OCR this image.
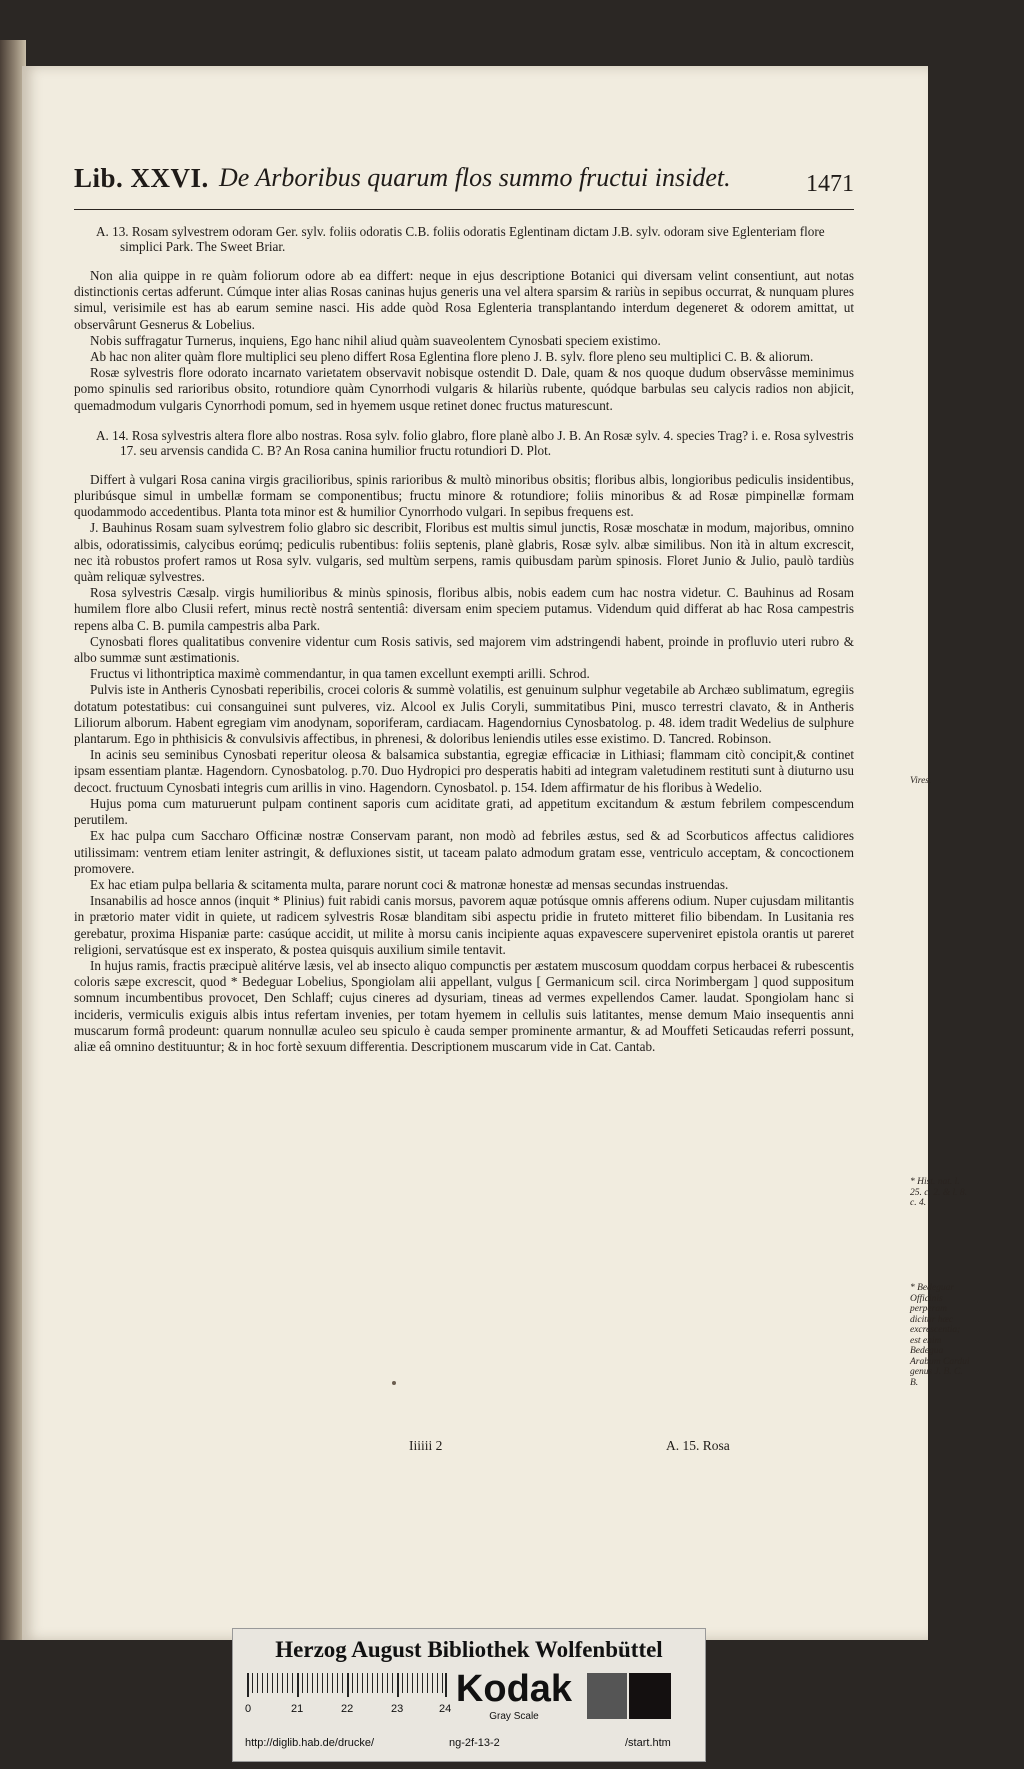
Lib. XXVI. De Arboribus quarum flos summo fructui insidet.	1471
A. 13. Rosam sylvestrem odoram Ger. sylv. foliis odoratis C.B. foliis odoratis Eglentinam dictam J.B. sylv. odoram sive Eglenteriam flore simplici Park. The Sweet Briar.

Non alia quippe in re quàm foliorum odore ab ea differt: neque in ejus descriptione Botanici qui diversam velint consentiunt, aut notas distinctionis certas adferunt. Cúmque inter alias Rosas caninas hujus generis una vel altera sparsim & rariùs in sepibus occurrat, & nunquam plures simul, verisimile est has ab earum semine nasci. His adde quòd Rosa Eglenteria transplantando interdum degeneret & odorem amittat, ut observârunt Gesnerus & Lobelius.

Nobis suffragatur Turnerus, inquiens, Ego hanc nihil aliud quàm suaveolentem Cynosbati speciem existimo.

Ab hac non aliter quàm flore multiplici seu pleno differt Rosa Eglentina flore pleno J. B. sylv. flore pleno seu multiplici C. B. & aliorum.

Rosæ sylvestris flore odorato incarnato varietatem observavit nobisque ostendit D. Dale, quam & nos quoque dudum observâsse meminimus pomo spinulis sed rarioribus obsito, rotundiore quàm Cynorrhodi vulgaris & hilariùs rubente, quódque barbulas seu calycis radios non abjicit, quemadmodum vulgaris Cynorrhodi pomum, sed in hyemem usque retinet donec fructus maturescunt.

A. 14. Rosa sylvestris altera flore albo nostras. Rosa sylv. folio glabro, flore planè albo J. B. An Rosæ sylv. 4. species Trag? i. e. Rosa sylvestris 17. seu arvensis candida C. B? An Rosa canina humilior fructu rotundiori D. Plot.

Differt à vulgari Rosa canina virgis gracilioribus, spinis rarioribus & multò minoribus obsitis; floribus albis, longioribus pediculis insidentibus, pluribúsque simul in umbellæ formam se componentibus; fructu minore & rotundiore; foliis minoribus & ad Rosæ pimpinellæ formam quodammodo accedentibus. Planta tota minor est & humilior Cynorrhodo vulgari. In sepibus frequens est.

J. Bauhinus Rosam suam sylvestrem folio glabro sic describit, Floribus est multis simul junctis, Rosæ moschatæ in modum, majoribus, omnino albis, odoratissimis, calycibus eorúmq; pediculis rubentibus: foliis septenis, planè glabris, Rosæ sylv. albæ similibus. Non ità in altum excrescit, nec ità robustos profert ramos ut Rosa sylv. vulgaris, sed multùm serpens, ramis quibusdam parùm spinosis. Floret Junio & Julio, paulò tardiùs quàm reliquæ sylvestres.

Rosa sylvestris Cæsalp. virgis humilioribus & minùs spinosis, floribus albis, nobis eadem cum hac nostra videtur. C. Bauhinus ad Rosam humilem flore albo Clusii refert, minus rectè nostrâ sententiâ: diversam enim speciem putamus. Videndum quid differat ab hac Rosa campestris repens alba C. B. pumila campestris alba Park.

Cynosbati flores qualitatibus convenire videntur cum Rosis sativis, sed majorem vim adstringendi habent, proinde in profluvio uteri rubro & albo summæ sunt æstimationis.

Fructus vi lithontriptica maximè commendantur, in qua tamen excellunt exempti arilli. Schrod.

Pulvis iste in Antheris Cynosbati reperibilis, crocei coloris & summè volatilis, est genuinum sulphur vegetabile ab Archæo sublimatum, egregiis dotatum potestatibus: cui consanguinei sunt pulveres, viz. Alcool ex Julis Coryli, summitatibus Pini, musco terrestri clavato, & in Antheris Liliorum alborum. Habent egregiam vim anodynam, soporiferam, cardiacam. Hagendornius Cynosbatolog. p. 48. idem tradit Wedelius de sulphure plantarum. Ego in phthisicis & convulsivis affectibus, in phrenesi, & doloribus leniendis utiles esse existimo. D. Tancred. Robinson.

In acinis seu seminibus Cynosbati reperitur oleosa & balsamica substantia, egregiæ efficaciæ in Lithiasi; flammam citò concipit,& continet ipsam essentiam plantæ. Hagendorn. Cynosbatolog. p.70. Duo Hydropici pro desperatis habiti ad integram valetudinem restituti sunt à diuturno usu decoct. fructuum Cynosbati integris cum arillis in vino. Hagendorn. Cynosbatol. p. 154. Idem affirmatur de his floribus à Wedelio.

Hujus poma cum maturuerunt pulpam continent saporis cum aciditate grati, ad appetitum excitandum & æstum febrilem compescendum perutilem.

Ex hac pulpa cum Saccharo Officinæ nostræ Conservam parant, non modò ad febriles æstus, sed & ad Scorbuticos affectus calidiores utilissimam: ventrem etiam leniter astringit, & defluxiones sistit, ut taceam palato admodum gratam esse, ventriculo acceptam, & concoctionem promovere.

Ex hac etiam pulpa bellaria & scitamenta multa, parare norunt coci & matronæ honestæ ad mensas secundas instruendas.

Insanabilis ad hosce annos (inquit * Plinius) fuit rabidi canis morsus, pavorem aquæ potúsque omnis afferens odium. Nuper cujusdam militantis in prætorio mater vidit in quiete, ut radicem sylvestris Rosæ blanditam sibi aspectu pridie in fruteto mitteret filio bibendam. In Lusitania res gerebatur, proxima Hispaniæ parte: casúque accidit, ut milite à morsu canis incipiente aquas expavescere superveniret epistola orantis ut pareret religioni, servatúsque est ex insperato, & postea quisquis auxilium simile tentavit.

In hujus ramis, fractis præcipuè alitérve læsis, vel ab insecto aliquo compunctis per æstatem muscosum quoddam corpus herbacei & rubescentis coloris sæpe excrescit, quod * Bedeguar Lobelius, Spongiolam alii appellant, vulgus [ Germanicum scil. circa Norimbergam ] quod suppositum somnum incumbentibus provocet, Den Schlaff; cujus cineres ad dysuriam, tineas ad vermes expellendos Camer. laudat. Spongiolam hanc si incideris, vermiculis exiguis albis intus refertam invenies, per totam hyemem in cellulis suis latitantes, mense demum Maio insequentis anni muscarum formâ prodeunt: quarum nonnullæ aculeo seu spiculo è cauda semper prominente armantur, & ad Mouffeti Seticaudas referri possunt, aliæ eâ omnino destituuntur; & in hoc fortè sexuum differentia. Descriptionem muscarum vide in Cat. Cantab.

Iiiiii 2	A. 15. Rosa
Vires.
* Hist. nat. l. 25. c. 2. & l. 8. c. 4.
* Bedeguar Officinis perperam dicitur hæc excrescentia; est enim Bedegua Arabum Cardui genus J. B. C. B.
Herzog August Bibliothek Wolfenbüttel
0	21	22	23	24 Kodak
Gray Scale
http://diglib.hab.de/drucke/	ng-2f-13-2	/start.htm
